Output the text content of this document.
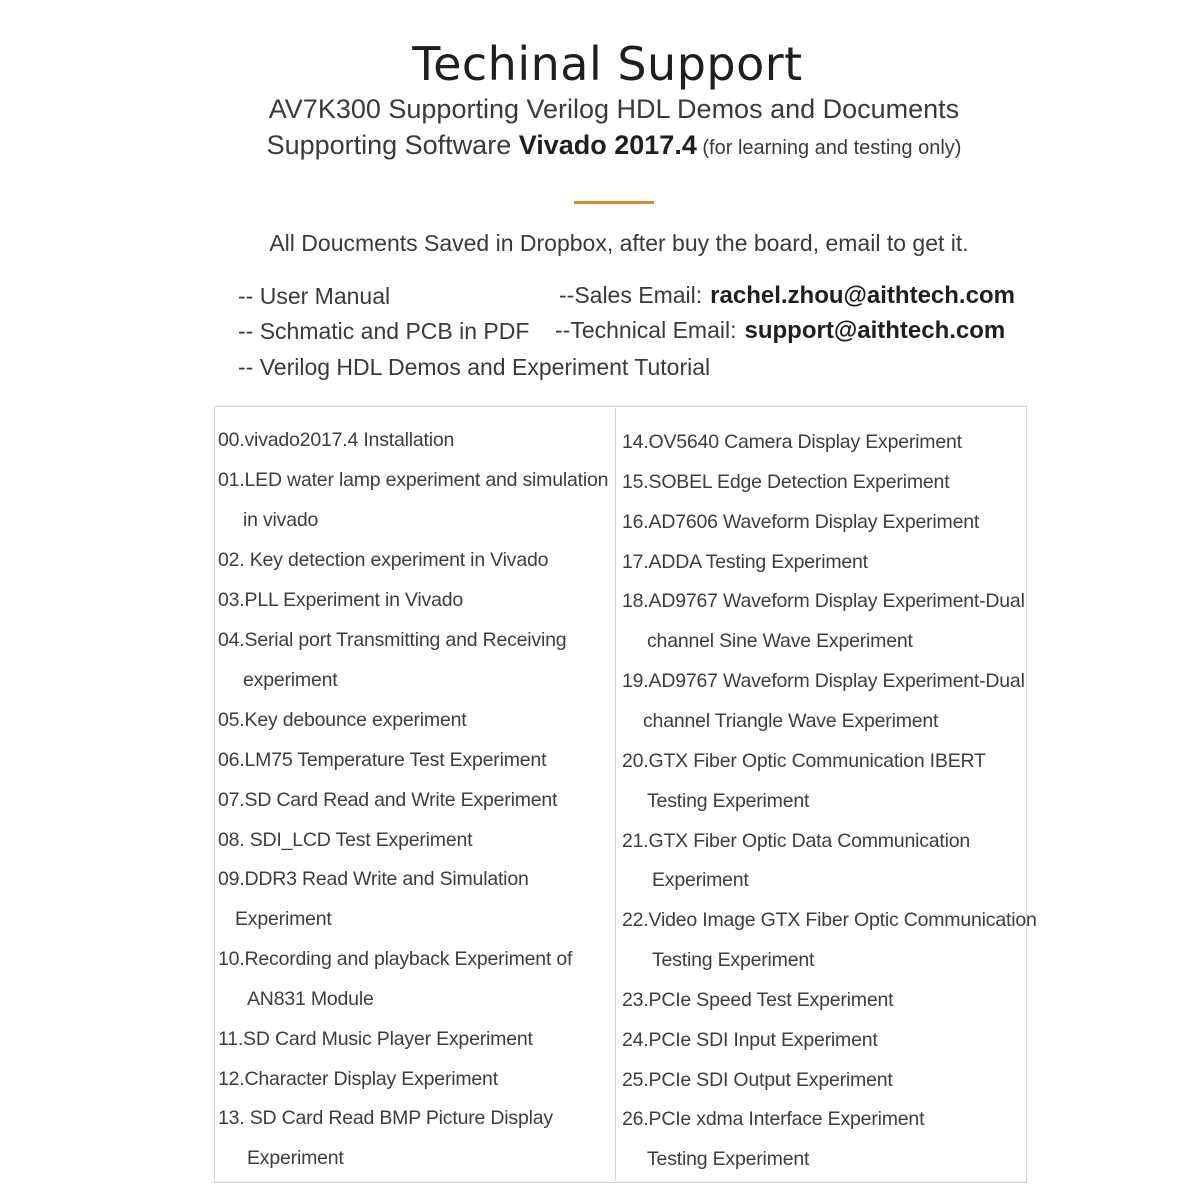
Techinal Support
AV7K300 Supporting Verilog HDL Demos and Documents
Supporting Software Vivado 2017.4 (for learning and testing only)
All Doucments Saved in Dropbox, after buy the board, email to get it.
-- User Manual
-- Schmatic and PCB in PDF
-- Verilog HDL Demos and Experiment Tutorial
--Sales Email: rachel.zhou@aithtech.com
--Technical Email: support@aithtech.com
00.vivado2017.4 Installation
01.LED water lamp experiment and simulation
in vivado
02. Key detection experiment in Vivado
03.PLL Experiment in Vivado
04.Serial port Transmitting and Receiving
experiment
05.Key debounce experiment
06.LM75 Temperature Test Experiment
07.SD Card Read and Write Experiment
08. SDI_LCD Test Experiment
09.DDR3 Read Write and Simulation
Experiment
10.Recording and playback Experiment of
AN831 Module
11.SD Card Music Player Experiment
12.Character Display Experiment
13. SD Card Read BMP Picture Display
Experiment
14.OV5640 Camera Display Experiment
15.SOBEL Edge Detection Experiment
16.AD7606 Waveform Display Experiment
17.ADDA Testing Experiment
18.AD9767 Waveform Display Experiment-Dual
channel Sine Wave Experiment
19.AD9767 Waveform Display Experiment-Dual
channel Triangle Wave Experiment
20.GTX Fiber Optic Communication IBERT
Testing Experiment
21.GTX Fiber Optic Data Communication
Experiment
22.Video Image GTX Fiber Optic Communication
Testing Experiment
23.PCIe Speed Test Experiment
24.PCIe SDI Input Experiment
25.PCIe SDI Output Experiment
26.PCIe xdma Interface Experiment
Testing Experiment
